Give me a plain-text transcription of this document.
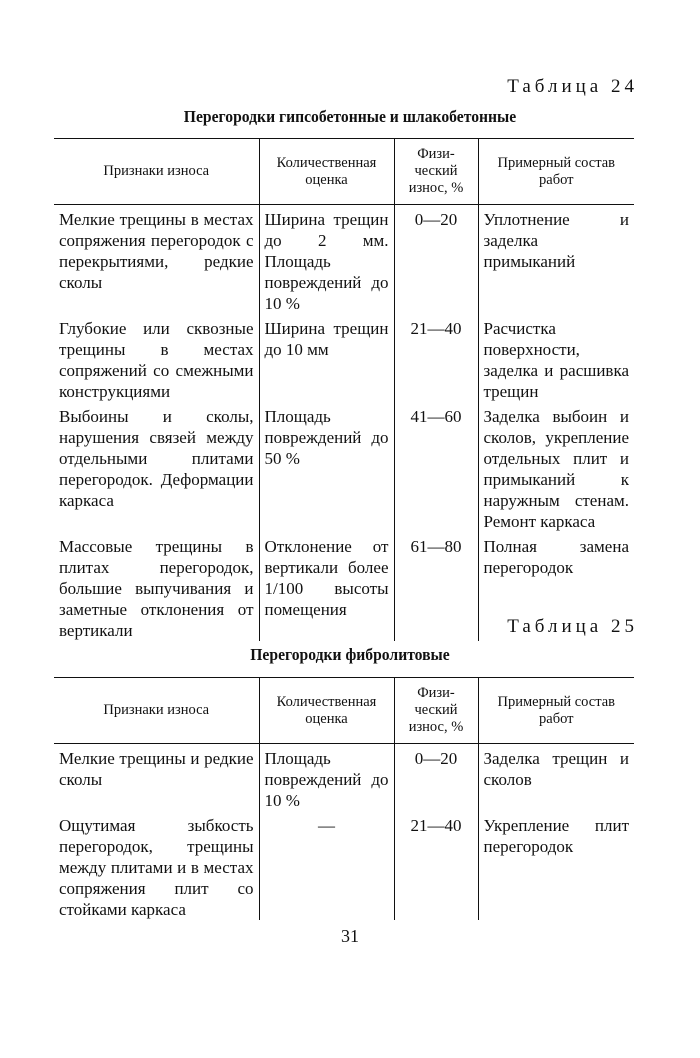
Таблица 24
Перегородки гипсобетонные и шлакобетонные
Признаки износа	Количественная оценка	Физи- ческий износ, %	Примерный состав работ
Мелкие трещины в местах сопряжения перегородок с перекрытиями, редкие сколы	Ширина трещин до 2 мм. Площадь повреждений до 10 %	0—20	Уплотнение и заделка примыканий
Глубокие или сквозные трещины в местах сопряжений со смежными конструкциями	Ширина трещин до 10 мм	21—40	Расчистка поверхности, заделка и расшивка трещин
Выбоины и сколы, нарушения связей между отдельными плитами перегородок. Деформации каркаса	Площадь повреждений до 50 %	41—60	Заделка выбоин и сколов, укрепление отдельных плит и примыканий к наружным стенам. Ремонт каркаса
Массовые трещины в плитах перегородок, большие выпучивания и заметные отклонения от вертикали	Отклонение от вертикали более 1/100 высоты помещения	61—80	Полная замена перегородок
Таблица 25
Перегородки фибролитовые
Признаки износа	Количественная оценка	Физи- ческий износ, %	Примерный состав работ
Мелкие трещины и редкие сколы	Площадь повреждений до 10 %	0—20	Заделка трещин и сколов
Ощутимая зыбкость перегородок, трещины между плитами и в местах сопряжения плит со стойками каркаса	—	21—40	Укрепление плит перегородок
31
